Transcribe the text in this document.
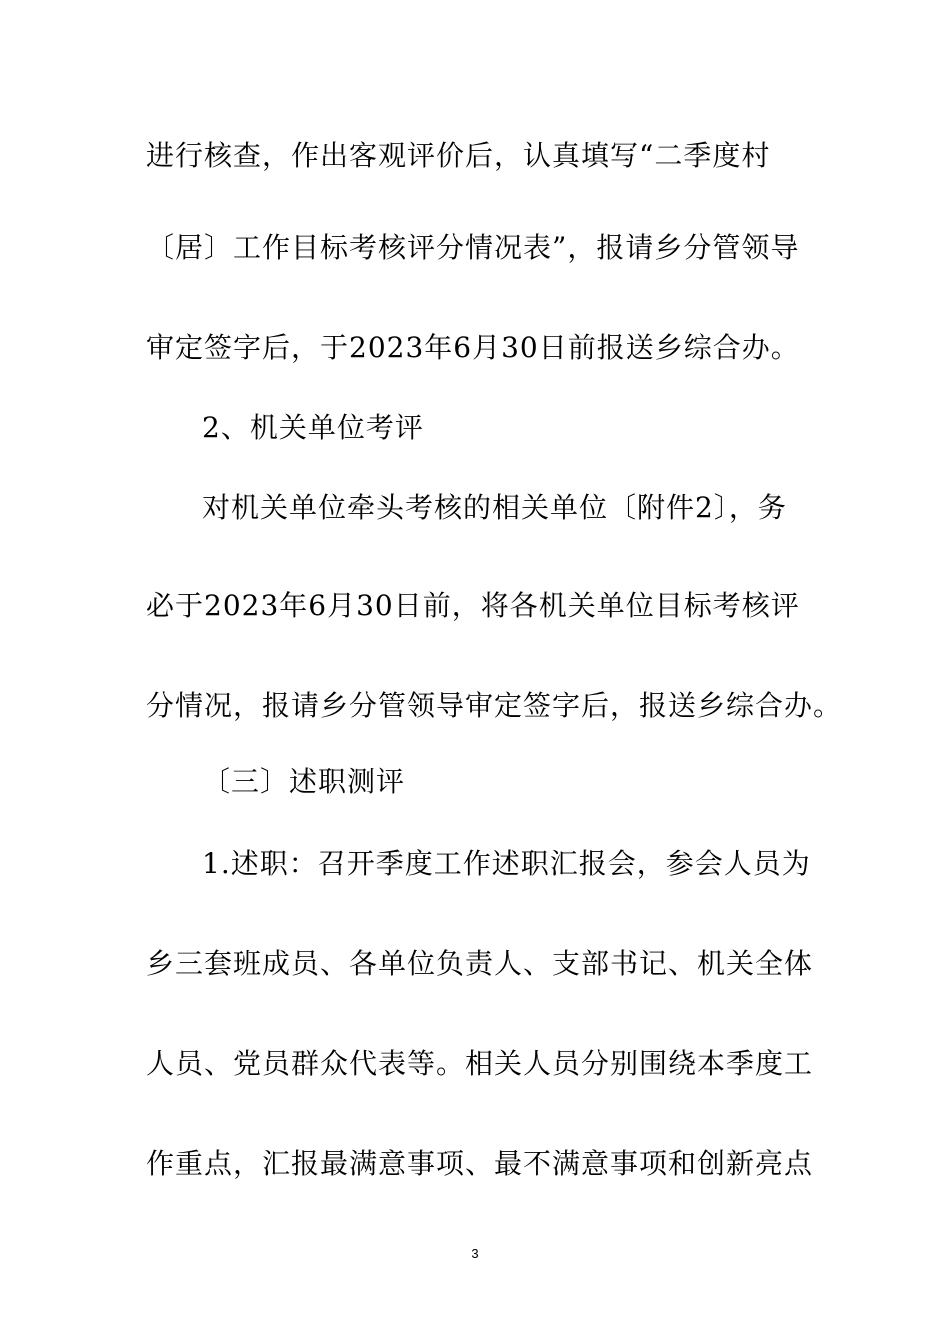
进行核查，作出客观评价后，认真填写“二季度村
〔居〕工作目标考核评分情况表”，报请乡分管领导
审定签字后，于2023年6月30日前报送乡综合办。
2、机关单位考评
对机关单位牵头考核的相关单位〔附件2〕，务
必于2023年6月30日前，将各机关单位目标考核评
分情况，报请乡分管领导审定签字后，报送乡综合办。
〔三〕述职测评
1.述职：召开季度工作述职汇报会，参会人员为
乡三套班成员、各单位负责人、支部书记、机关全体
人员、党员群众代表等。相关人员分别围绕本季度工
作重点，汇报最满意事项、最不满意事项和创新亮点
3
